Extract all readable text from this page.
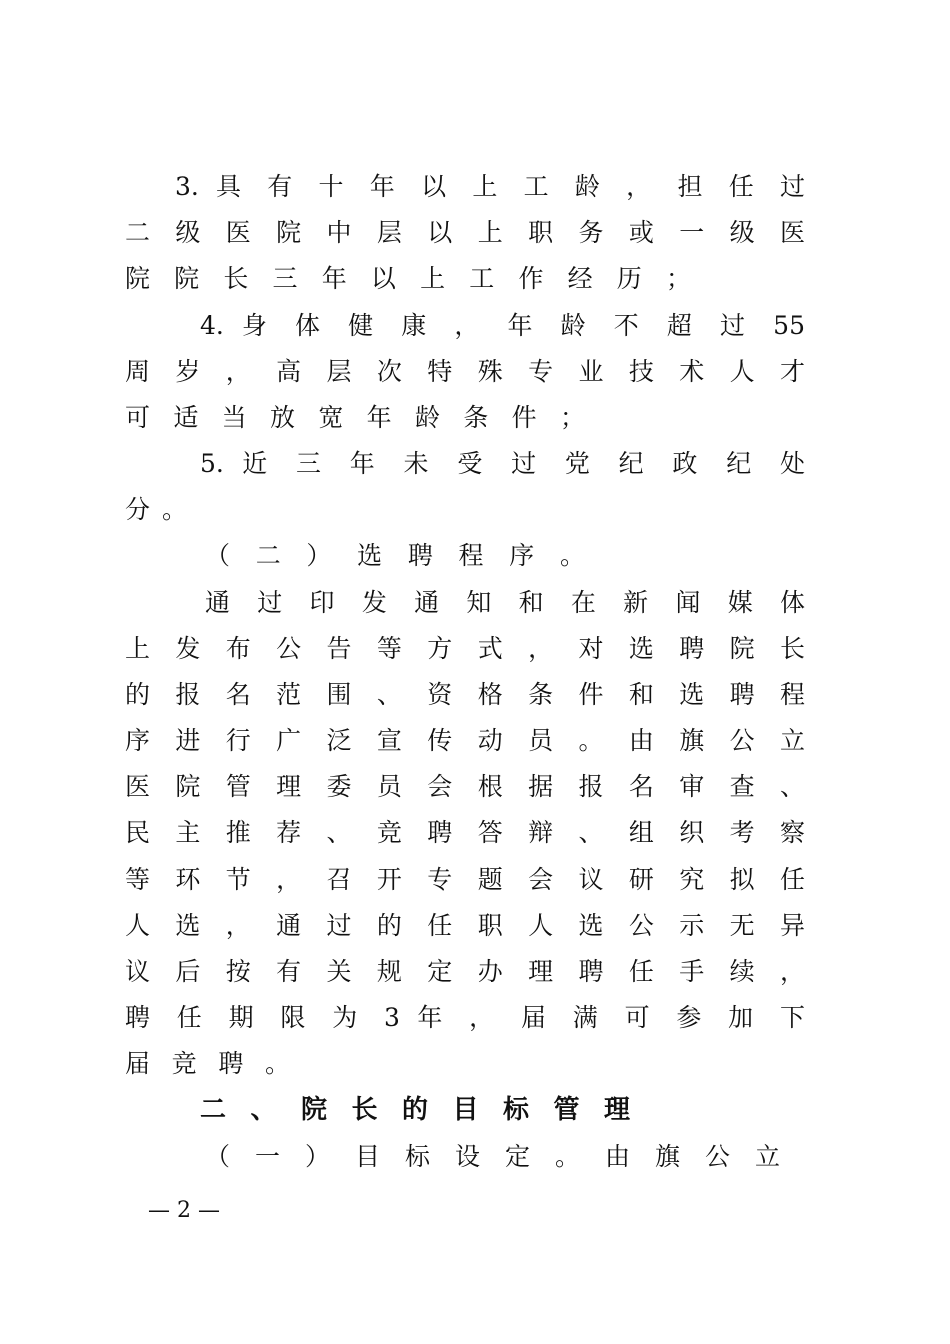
3. 具 有 十 年 以 上 工 龄 ， 担 任 过
二 级 医 院 中 层 以 上 职 务 或 一 级 医
院 院 长 三 年 以 上 工 作 经 历 ；
4. 身 体 健 康 ， 年 龄 不 超 过 55
周 岁 ， 高 层 次 特 殊 专 业 技 术 人 才
可 适 当 放 宽 年 龄 条 件 ；
5. 近 三 年 未 受 过 党 纪 政 纪 处
分 。
（ 二 ） 选 聘 程 序 。
通 过 印 发 通 知 和 在 新 闻 媒 体
上 发 布 公 告 等 方 式 ， 对 选 聘 院 长
的 报 名 范 围 、 资 格 条 件 和 选 聘 程
序 进 行 广 泛 宣 传 动 员 。 由 旗 公 立
医 院 管 理 委 员 会 根 据 报 名 审 查 、
民 主 推 荐 、 竞 聘 答 辩 、 组 织 考 察
等 环 节 ， 召 开 专 题 会 议 研 究 拟 任
人 选 ， 通 过 的 任 职 人 选 公 示 无 异
议 后 按 有 关 规 定 办 理 聘 任 手 续 ，
聘 任 期 限 为 3 年 ， 届 满 可 参 加 下
届 竞 聘 。
二 、 院 长 的 目 标 管 理
（ 一 ） 目 标 设 定 。 由 旗 公 立
— 2 —
